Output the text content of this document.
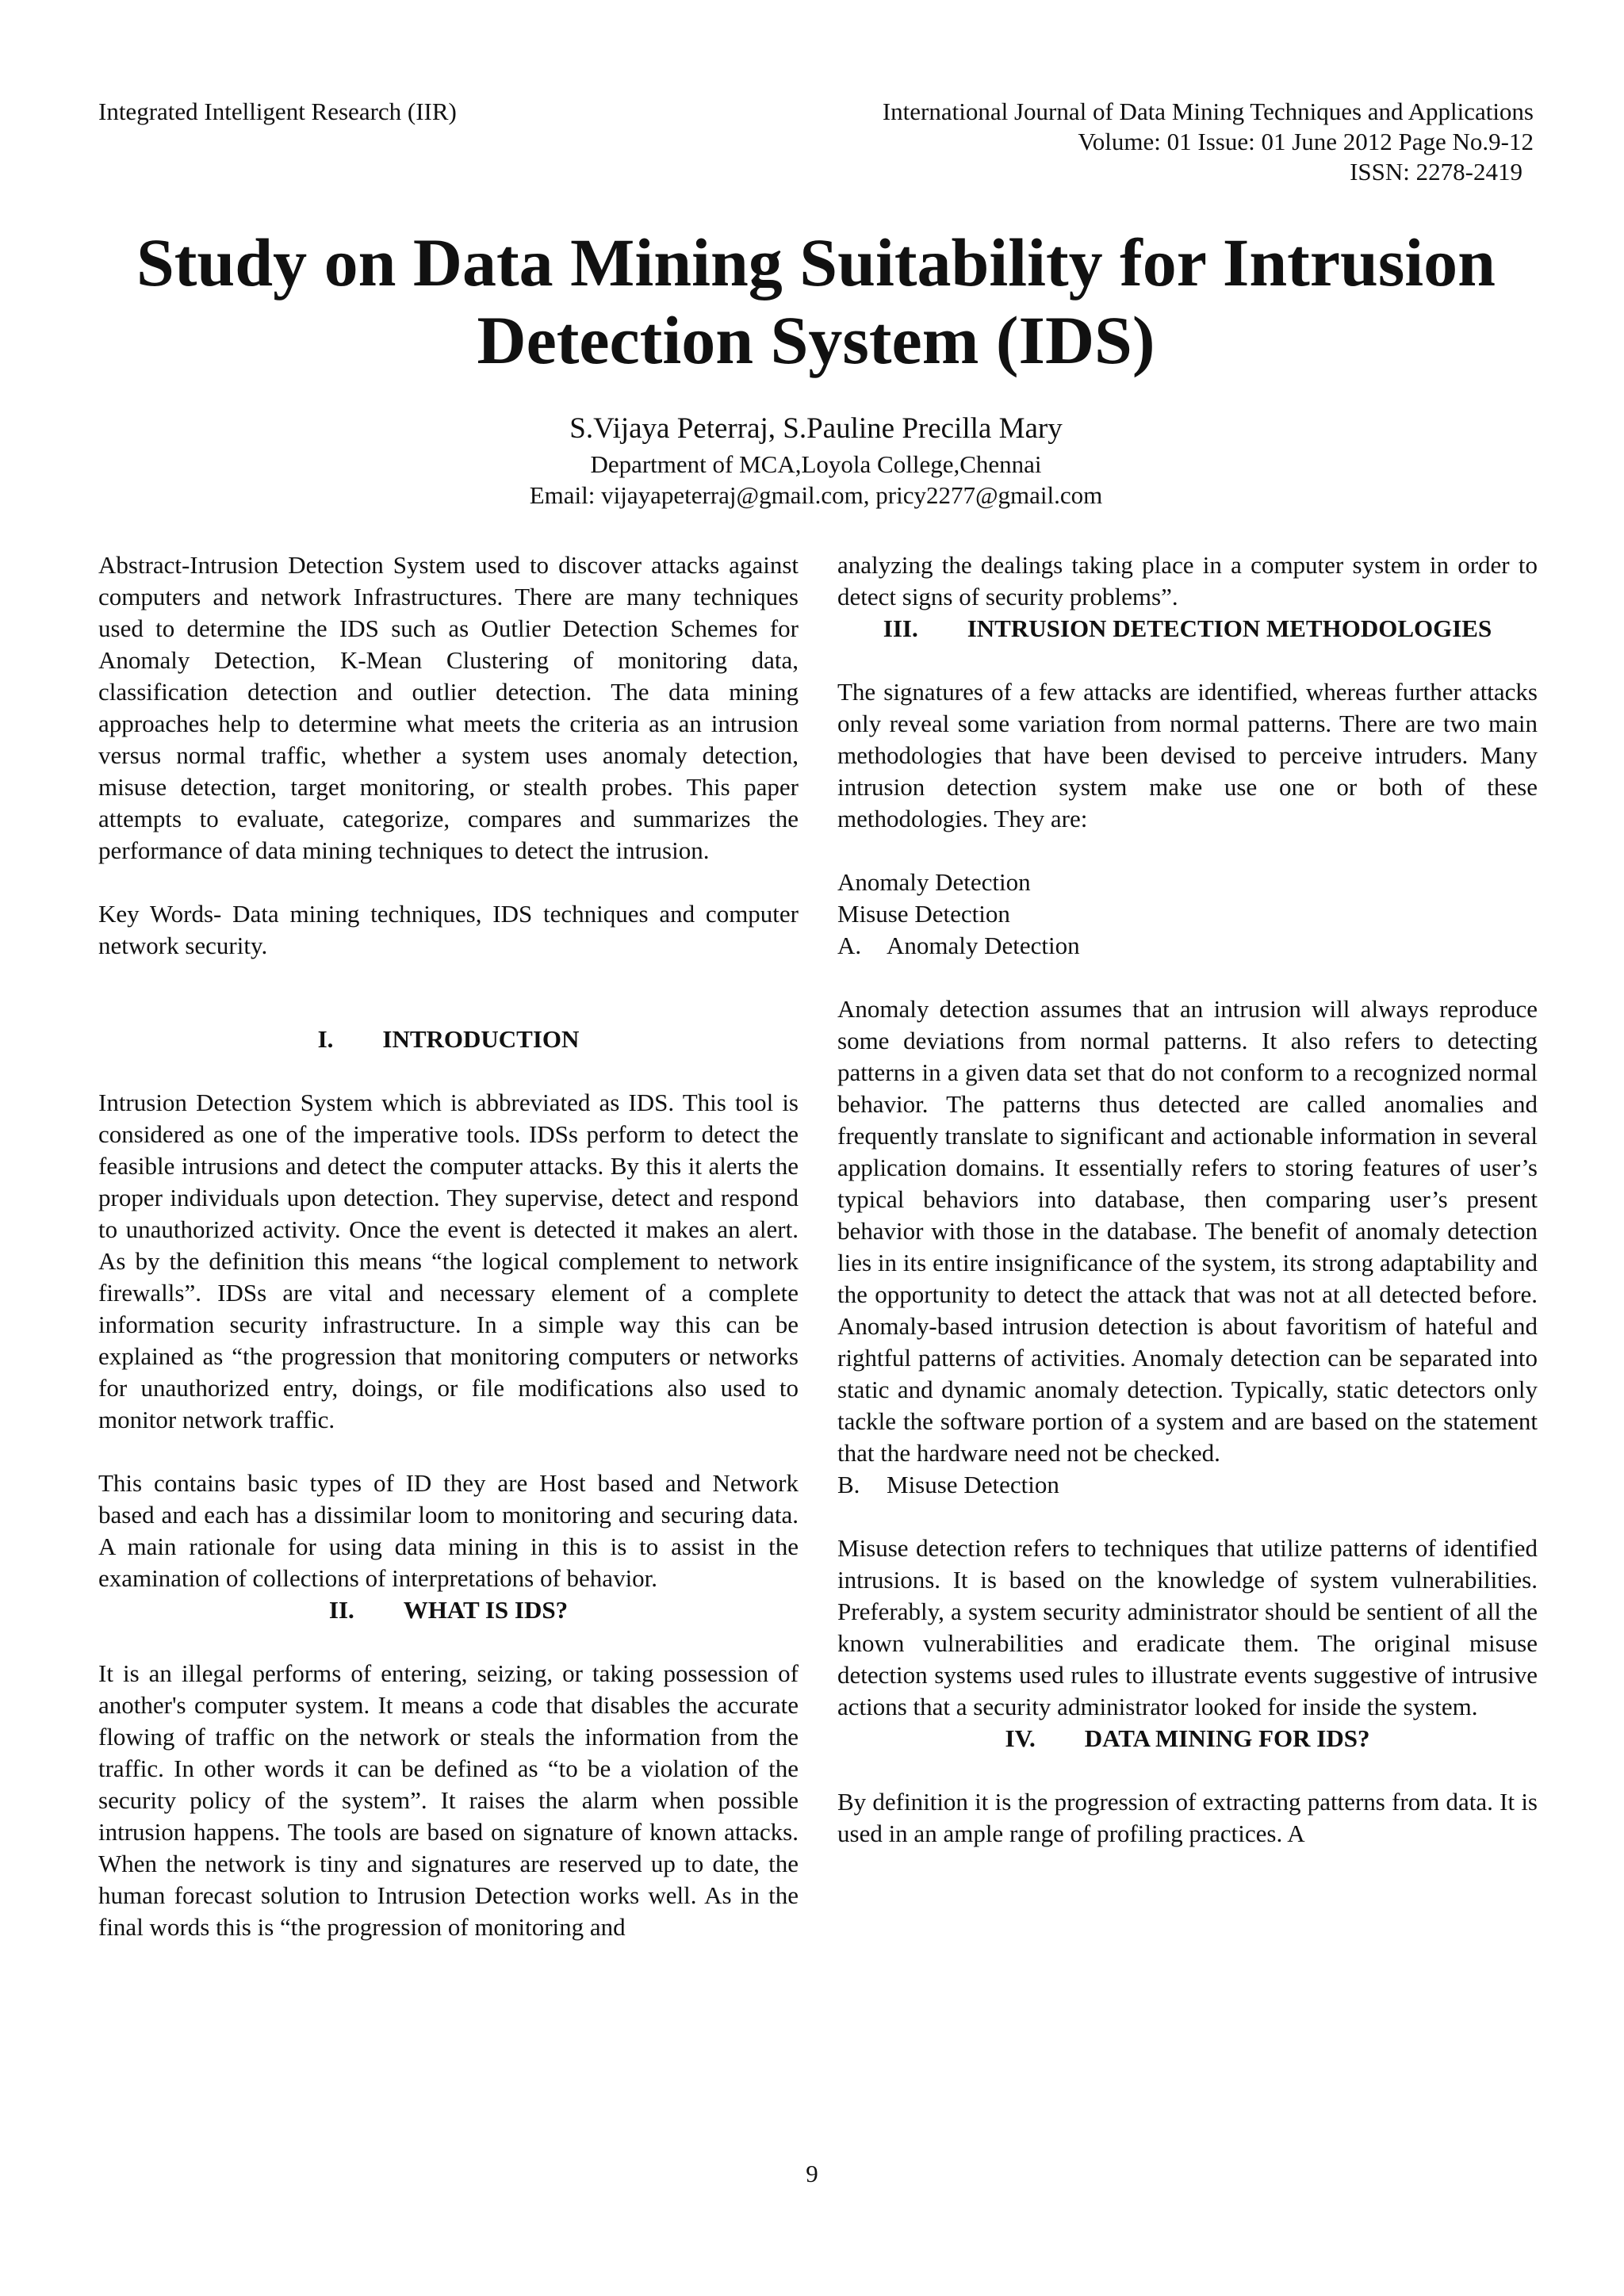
Integrated Intelligent Research (IIR)	International Journal of Data Mining Techniques and Applications
Volume: 01 Issue: 01 June 2012 Page No.9-12
ISSN: 2278-2419
Study on Data Mining Suitability for Intrusion
Detection System (IDS)
S.Vijaya Peterraj, S.Pauline Precilla Mary
Department of MCA,Loyola College,Chennai
Email: vijayapeterraj@gmail.com, pricy2277@gmail.com

Abstract-Intrusion Detection System used to discover attacks against computers and network Infrastructures. There are many techniques used to determine the IDS such as Outlier Detection Schemes for Anomaly Detection, K-Mean Clustering of monitoring data, classification detection and outlier detection. The data mining approaches help to determine what meets the criteria as an intrusion versus normal traffic, whether a system uses anomaly detection, misuse detection, target monitoring, or stealth probes. This paper attempts to evaluate, categorize, compares and summarizes the performance of data mining techniques to detect the intrusion.

Key Words- Data mining techniques, IDS techniques and computer network security.

I. INTRODUCTION

Intrusion Detection System which is abbreviated as IDS. This tool is considered as one of the imperative tools. IDSs perform to detect the feasible intrusions and detect the computer attacks. By this it alerts the proper individuals upon detection. They supervise, detect and respond to unauthorized activity. Once the event is detected it makes an alert. As by the definition this means “the logical complement to network firewalls”. IDSs are vital and necessary element of a complete information security infrastructure. In a simple way this can be explained as “the progression that monitoring computers or networks for unauthorized entry, doings, or file modifications also used to monitor network traffic.

This contains basic types of ID they are Host based and Network based and each has a dissimilar loom to monitoring and securing data. A main rationale for using data mining in this is to assist in the examination of collections of interpretations of behavior.

II. WHAT IS IDS?

It is an illegal performs of entering, seizing, or taking possession of another's computer system. It means a code that disables the accurate flowing of traffic on the network or steals the information from the traffic. In other words it can be defined as “to be a violation of the security policy of the system”. It raises the alarm when possible intrusion happens. The tools are based on signature of known attacks. When the network is tiny and signatures are reserved up to date, the human forecast solution to Intrusion Detection works well. As in the final words this is “the progression of monitoring and

analyzing the dealings taking place in a computer system in order to detect signs of security problems”.

III. INTRUSION DETECTION METHODOLOGIES

The signatures of a few attacks are identified, whereas further attacks only reveal some variation from normal patterns. There are two main methodologies that have been devised to perceive intruders. Many intrusion detection system make use one or both of these methodologies. They are:

Anomaly Detection
Misuse Detection
A. Anomaly Detection

Anomaly detection assumes that an intrusion will always reproduce some deviations from normal patterns. It also refers to detecting patterns in a given data set that do not conform to a recognized normal behavior. The patterns thus detected are called anomalies and frequently translate to significant and actionable information in several application domains. It essentially refers to storing features of user’s typical behaviors into database, then comparing user’s present behavior with those in the database. The benefit of anomaly detection lies in its entire insignificance of the system, its strong adaptability and the opportunity to detect the attack that was not at all detected before. Anomaly-based intrusion detection is about favoritism of hateful and rightful patterns of activities. Anomaly detection can be separated into static and dynamic anomaly detection. Typically, static detectors only tackle the software portion of a system and are based on the statement that the hardware need not be checked.

B. Misuse Detection

Misuse detection refers to techniques that utilize patterns of identified intrusions. It is based on the knowledge of system vulnerabilities. Preferably, a system security administrator should be sentient of all the known vulnerabilities and eradicate them. The original misuse detection systems used rules to illustrate events suggestive of intrusive actions that a security administrator looked for inside the system.

IV. DATA MINING FOR IDS?

By definition it is the progression of extracting patterns from data. It is used in an ample range of profiling practices. A

9
